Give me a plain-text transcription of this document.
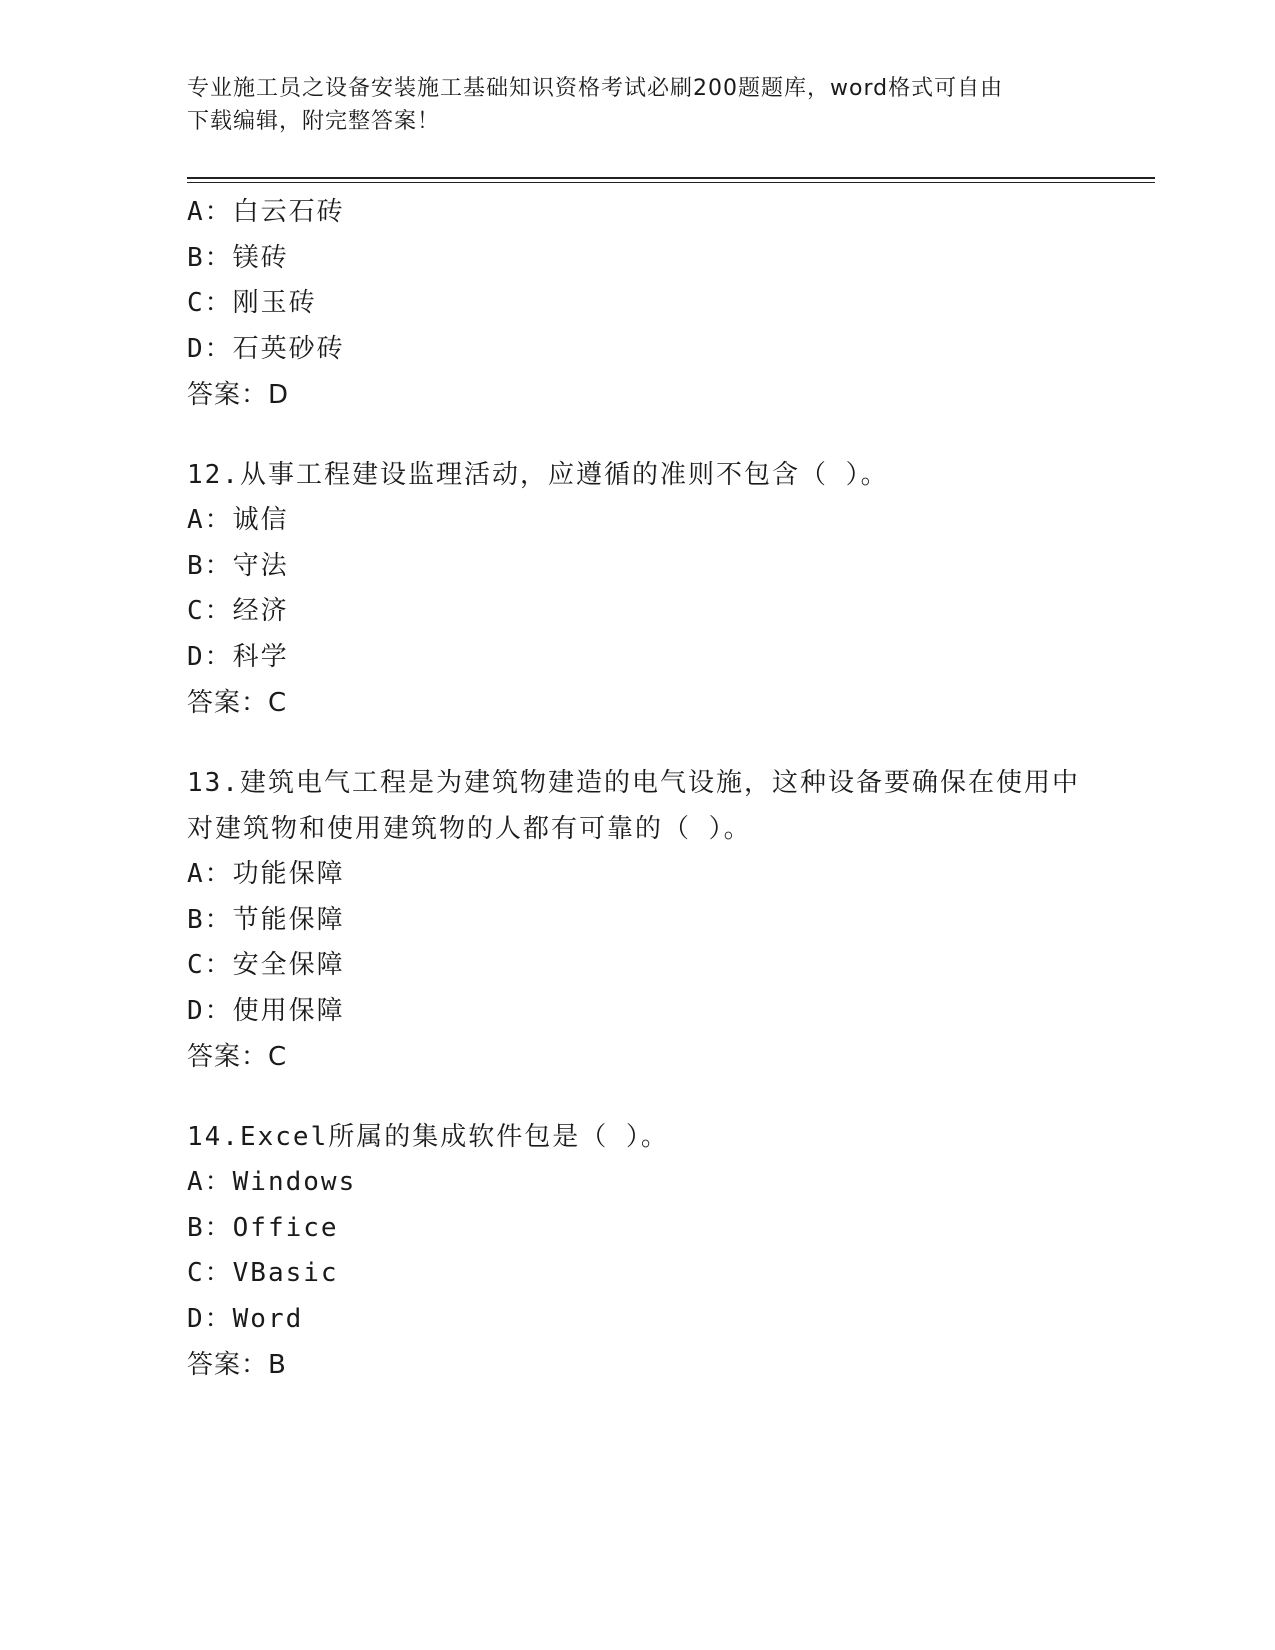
专业施工员之设备安装施工基础知识资格考试必刷200题题库，word格式可自由
下载编辑，附完整答案！
A：白云石砖
B：镁砖
C：刚玉砖
D：石英砂砖
答案：D
12.从事工程建设监理活动，应遵循的准则不包含（ ）。
A：诚信
B：守法
C：经济
D：科学
答案：C
13.建筑电气工程是为建筑物建造的电气设施，这种设备要确保在使用中对建筑物和使用建筑物的人都有可靠的（ ）。
A：功能保障
B：节能保障
C：安全保障
D：使用保障
答案：C
14.Excel所属的集成软件包是（ ）。
A：Windows
B：Office
C：VBasic
D：Word
答案：B
